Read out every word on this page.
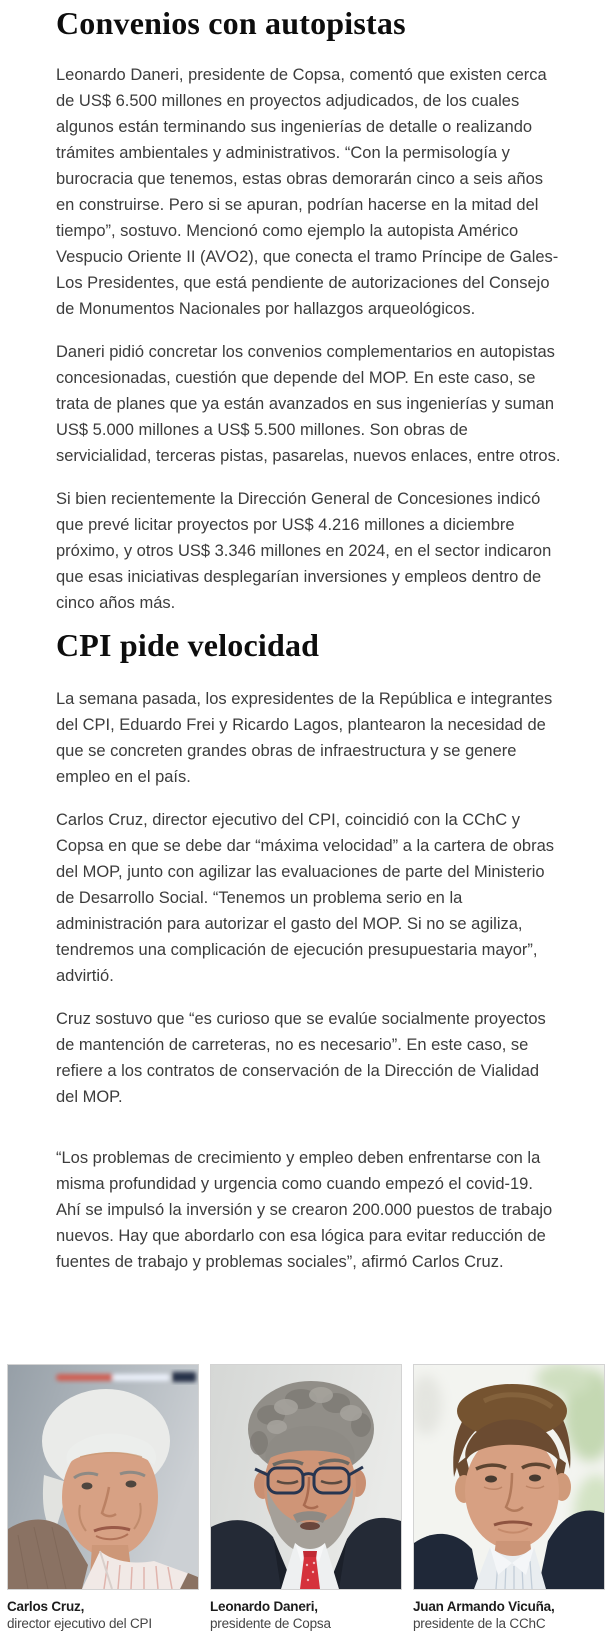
Convenios con autopistas

Leonardo Daneri, presidente de Copsa, comentó que existen cerca de US$ 6.500 millones en proyectos adjudicados, de los cuales algunos están terminando sus ingenierías de detalle o realizando trámites ambientales y administrativos. “Con la permisología y burocracia que tenemos, estas obras demorarán cinco a seis años en construirse. Pero si se apuran, podrían hacerse en la mitad del tiempo”, sostuvo. Mencionó como ejemplo la autopista Américo Vespucio Oriente II (AVO2), que conecta el tramo Príncipe de Gales-Los Presidentes, que está pendiente de autorizaciones del Consejo de Monumentos Nacionales por hallazgos arqueológicos.

Daneri pidió concretar los convenios complementarios en autopistas concesionadas, cuestión que depende del MOP. En este caso, se trata de planes que ya están avanzados en sus ingenierías y suman US$ 5.000 millones a US$ 5.500 millones. Son obras de servicialidad, terceras pistas, pasarelas, nuevos enlaces, entre otros.

Si bien recientemente la Dirección General de Concesiones indicó que prevé licitar proyectos por US$ 4.216 millones a diciembre próximo, y otros US$ 3.346 millones en 2024, en el sector indicaron que esas iniciativas desplegarían inversiones y empleos dentro de cinco años más.

CPI pide velocidad

La semana pasada, los expresidentes de la República e integrantes del CPI, Eduardo Frei y Ricardo Lagos, plantearon la necesidad de que se concreten grandes obras de infraestructura y se genere empleo en el país.

Carlos Cruz, director ejecutivo del CPI, coincidió con la CChC y Copsa en que se debe dar “máxima velocidad” a la cartera de obras del MOP, junto con agilizar las evaluaciones de parte del Ministerio de Desarrollo Social. “Tenemos un problema serio en la administración para autorizar el gasto del MOP. Si no se agiliza, tendremos una complicación de ejecución presupuestaria mayor”, advirtió.

Cruz sostuvo que “es curioso que se evalúe socialmente proyectos de mantención de carreteras, no es necesario”. En este caso, se refiere a los contratos de conservación de la Dirección de Vialidad del MOP.

“Los problemas de crecimiento y empleo deben enfrentarse con la misma profundidad y urgencia como cuando empezó el covid-19. Ahí se impulsó la inversión y se crearon 200.000 puestos de trabajo nuevos. Hay que abordarlo con esa lógica para evitar reducción de fuentes de trabajo y problemas sociales”, afirmó Carlos Cruz.

Carlos Cruz,
director ejecutivo del CPI
Leonardo Daneri,
presidente de Copsa
Juan Armando Vicuña,
presidente de la CChC
